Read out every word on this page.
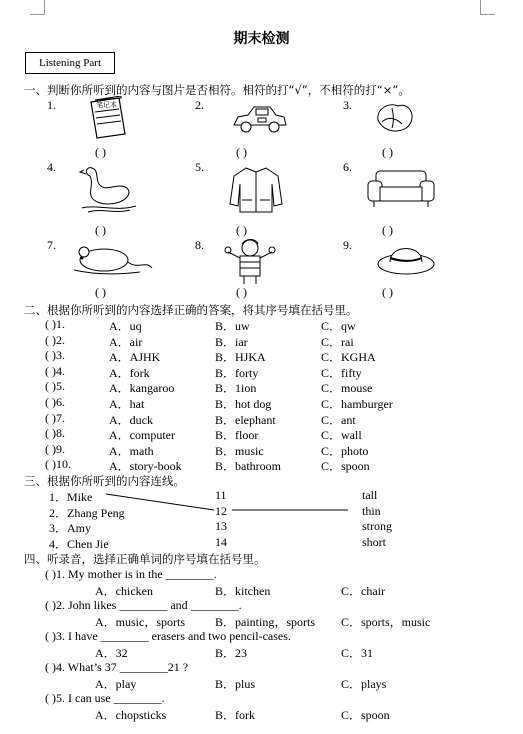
期末检测
Listening Part
一、判断你所听到的内容与图片是否相符。相符的打“√”，不相符的打“×”。
1.	笔记本
( )
2.
( )
3.
( )
4.
( )
5.
( )
6.
( )
7.
( )
8.
( )
9.
( )
二、根据你所听到的内容选择正确的答案，将其序号填在括号里。
( )1.	A．uq	B．uw	C．qw
( )2.	A．air	B．iar	C．rai
( )3.	A．AJHK	B．HJKA	C．KGHA
( )4.	A．fork	B．forty	C．fifty
( )5.	A．kangaroo	B．1ion	C．mouse
( )6.	A．hat	B．hot dog	C．hamburger
( )7.	A．duck	B．elephant	C．ant
( )8.	A．computer	B．floor	C．wall
( )9.	A．math	B．music	C．photo
( )10.	A．story-book	B．bathroom	C．spoon
三、根据你所听到的内容连线。
1．Mike	11	tall
2．Zhang Peng	12	thin
3．Amy	13	strong
4．Chen Jie	14	short
四、听录音，选择正确单词的序号填在括号里。
( )1. My mother is in the ________.
A．chicken	B．kitchen	C．chair
( )2. John likes ________ and ________.
A．music，sports B．painting，sports C．sports，music
( )3. I have ________ erasers and two pencil-cases.
A．32	B．23	C．31
( )4. What’s 37 ________21 ?
A．play	B．plus	C．plays
( )5. I can use ________.
A．chopsticks	B．fork	C．spoon
